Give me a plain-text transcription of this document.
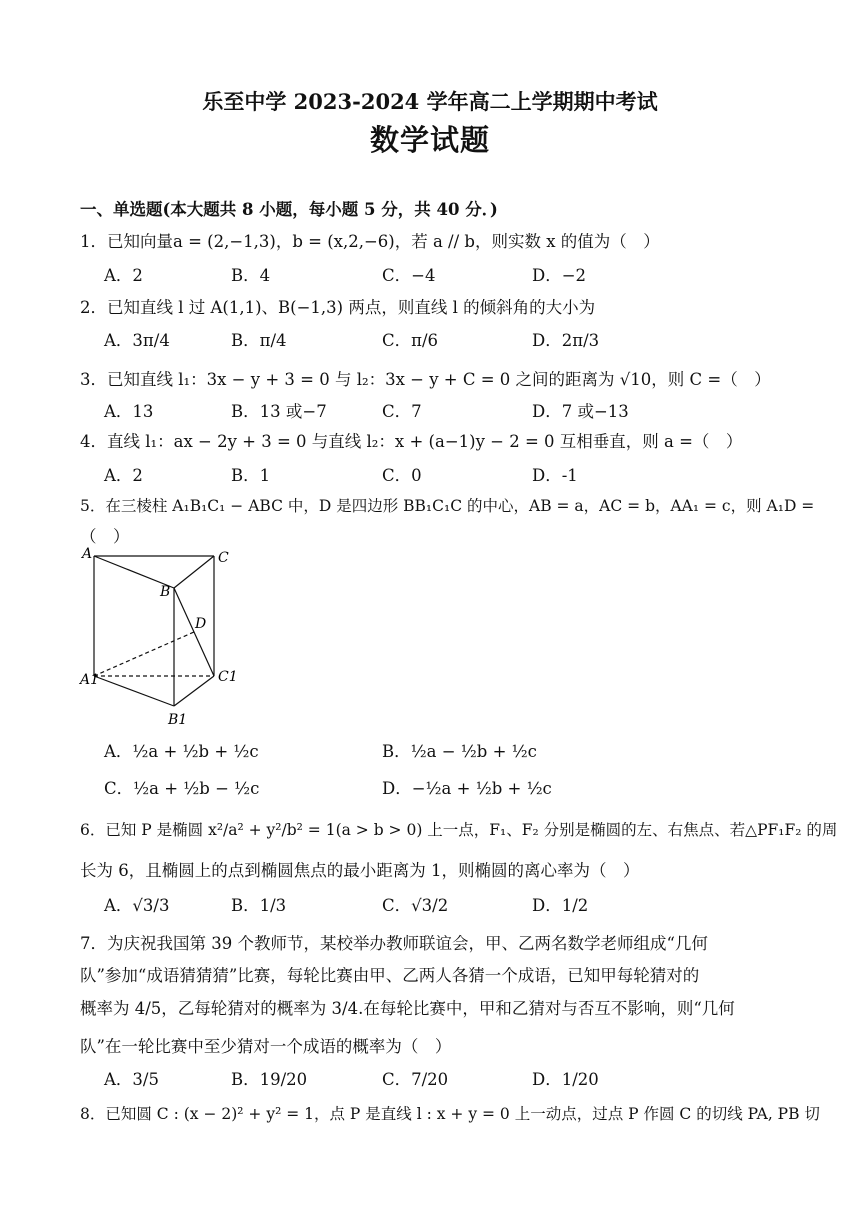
乐至中学 2023-2024 学年高二上学期期中考试
数学试题
一、单选题(本大题共 8 小题，每小题 5 分，共 40 分．)
1．已知向量a = (2,−1,3)，b = (x,2,−6)，若 a // b，则实数 x 的值为（　）
A．2	B．4	C．−4	D．−2
2．已知直线 l 过 A(1,1)、B(−1,3) 两点，则直线 l 的倾斜角的大小为
A．3π/4	B．π/4	C．π/6	D．2π/3
3．已知直线 l₁：3x − y + 3 = 0 与 l₂：3x − y + C = 0 之间的距离为 √10，则 C =（　）
A．13	B．13 或−7	C．7	D．7 或−13
4．直线 l₁：ax − 2y + 3 = 0 与直线 l₂：x + (a−1)y − 2 = 0 互相垂直，则 a =（　）
A．2	B．1	C．0	D．-1
5．在三棱柱 A₁B₁C₁ − ABC 中，D 是四边形 BB₁C₁C 的中心，AB = a，AC = b，AA₁ = c，则 A₁D =
（　）
A	C
B
D
A1	C1
B1
A．½a + ½b + ½c	B．½a − ½b + ½c
C．½a + ½b − ½c	D．−½a + ½b + ½c
6．已知 P 是椭圆 x²/a² + y²/b² = 1(a > b > 0) 上一点，F₁、F₂ 分别是椭圆的左、右焦点、若△PF₁F₂ 的周
长为 6，且椭圆上的点到椭圆焦点的最小距离为 1，则椭圆的离心率为（　）
A．√3/3	B．1/3	C．√3/2	D．1/2
7．为庆祝我国第 39 个教师节，某校举办教师联谊会，甲、乙两名数学老师组成“几何
队”参加“成语猜猜猜”比赛，每轮比赛由甲、乙两人各猜一个成语，已知甲每轮猜对的
概率为 4/5，乙每轮猜对的概率为 3/4.在每轮比赛中，甲和乙猜对与否互不影响，则“几何
队”在一轮比赛中至少猜对一个成语的概率为（　）
A．3/5	B．19/20	C．7/20	D．1/20
8．已知圆 C : (x − 2)² + y² = 1，点 P 是直线 l : x + y = 0 上一动点，过点 P 作圆 C 的切线 PA, PB 切
